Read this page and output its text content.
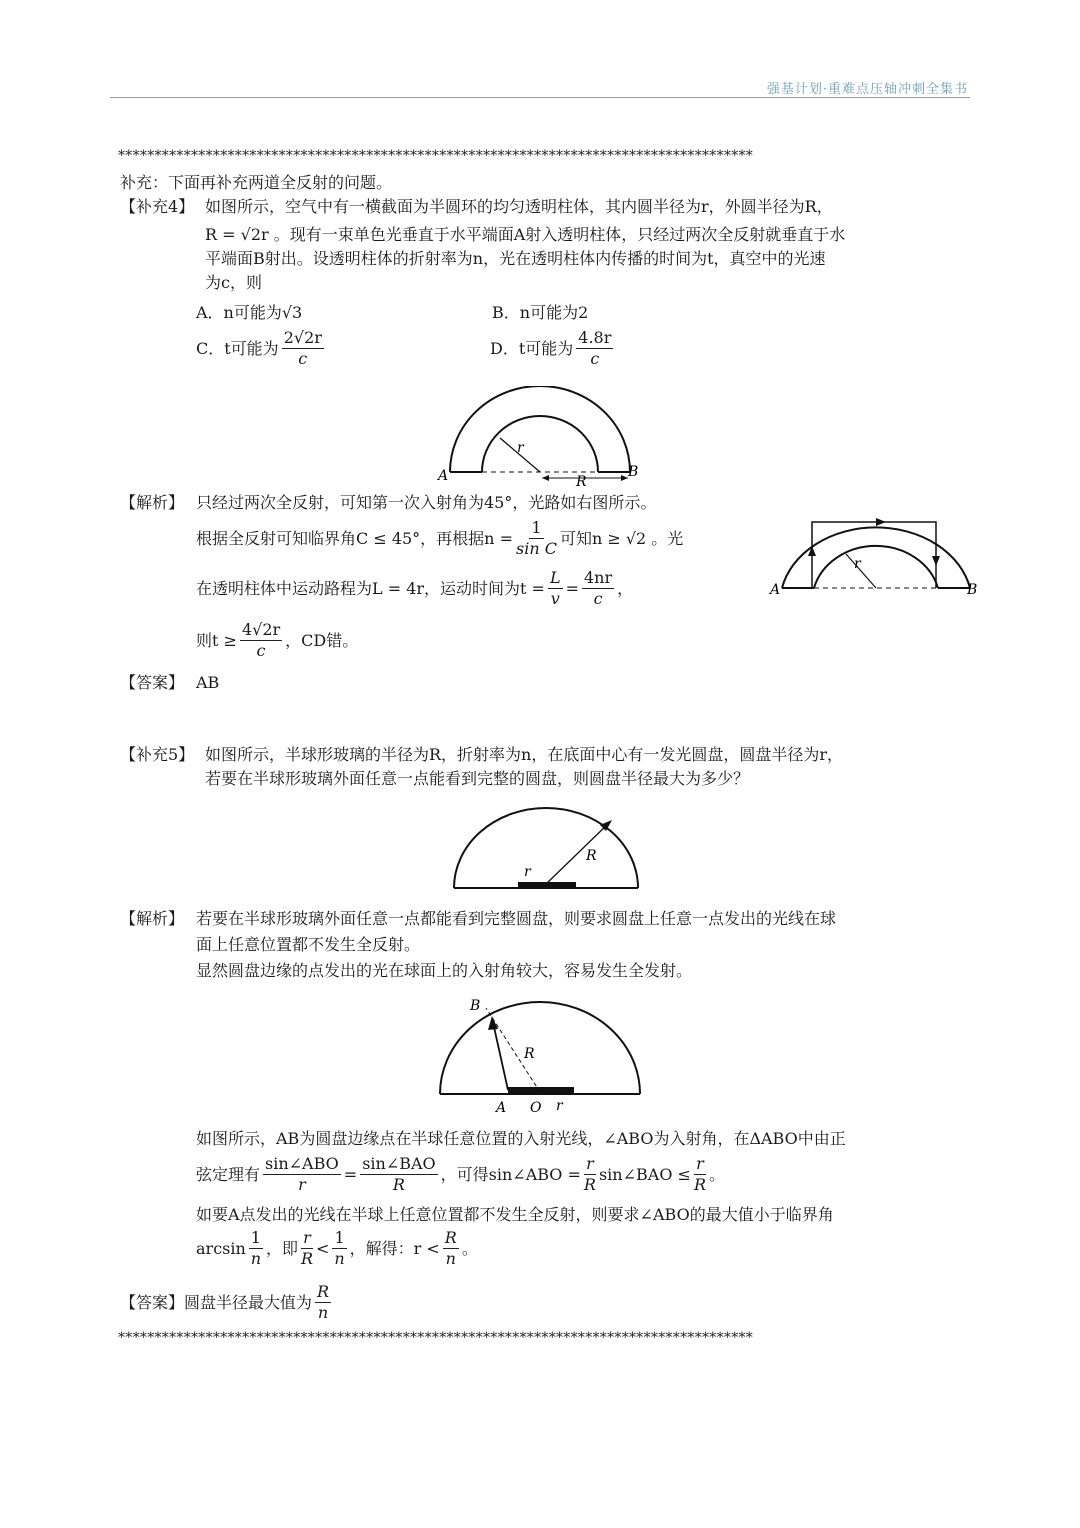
强基计划·重难点压轴冲刺全集书
***************************************************************************************
补充：下面再补充两道全反射的问题。
【补充4】 如图所示，空气中有一横截面为半圆环的均匀透明柱体，其内圆半径为r，外圆半径为R，
R = √2r 。现有一束单色光垂直于水平端面A射入透明柱体，只经过两次全反射就垂直于水
平端面B射出。设透明柱体的折射率为n，光在透明柱体内传播的时间为t，真空中的光速
为c，则
A．n可能为√3	B．n可能为2
C．t可能为 $\frac{2√2r}{c}$	D．t可能为 $\frac{4.8r}{c}$
A	B
r
R
【解析】 只经过两次全反射，可知第一次入射角为45°，光路如右图所示。
根据全反射可知临界角C ≤ 45°，再根据$n = \frac{1}{\text{sin C}}$ 可知n ≥ √2 。光
在透明柱体中运动路程为L = 4r，运动时间为$t = \frac{L}{v} = \frac{4nr}{c}$ ，
则$t \ge \frac{4√2r}{c}$ ，CD错。
A	B
r
【答案】 AB
【补充5】 如图所示，半球形玻璃的半径为R，折射率为n，在底面中心有一发光圆盘，圆盘半径为r，
若要在半球形玻璃外面任意一点能看到完整的圆盘，则圆盘半径最大为多少？
r
R
【解析】 若要在半球形玻璃外面任意一点都能看到完整圆盘，则要求圆盘上任意一点发出的光线在球
面上任意位置都不发生全反射。
显然圆盘边缘的点发出的光在球面上的入射角较大，容易发生全发射。
B
R
A O r
如图所示，AB为圆盘边缘点在半球任意位置的入射光线，∠ABO为入射角，在ΔABO中由正
弦定理有 $\frac{\text{sin∠ABO}}{r} = \frac{\text{sin∠BAO}}{R}$ ，可得sin∠ABO = $\frac{r}{R}$ sin∠BAO ≤ $\frac{r}{R}$ 。
如要A点发出的光线在半球上任意位置都不发生全反射，则要求∠ABO的最大值小于临界角
$\arcsin \frac{1}{n}$ ，即 $\frac{r}{R} < \frac{1}{n}$ ，解得：$r < \frac{R}{n}$ 。
【答案】 圆盘半径最大值为 $\frac{R}{n}$
***************************************************************************************
